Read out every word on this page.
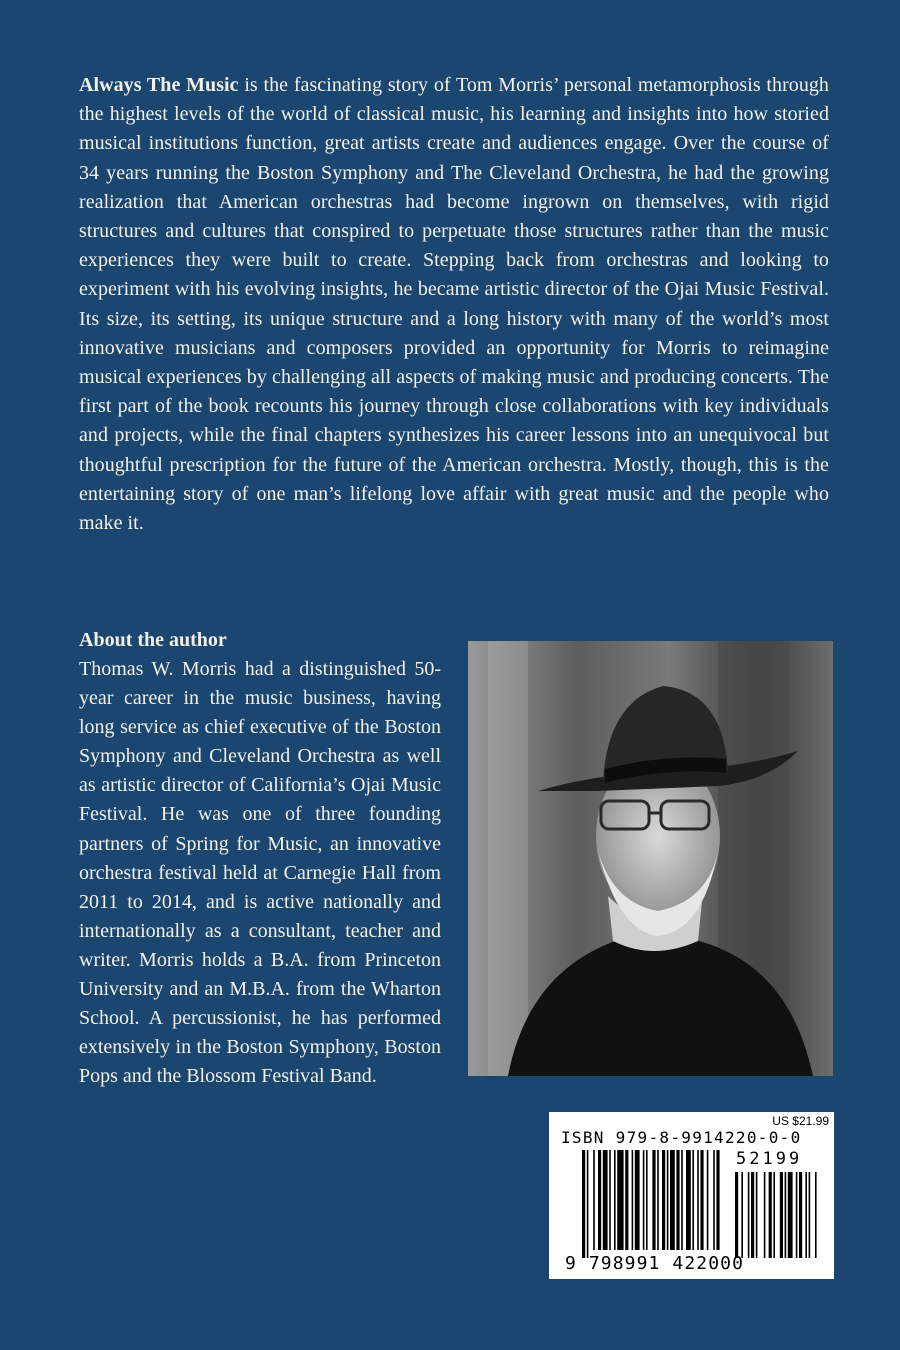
Always The Music is the fascinating story of Tom Morris’ personal metamorphosis through the highest levels of the world of classical music, his learning and insights into how storied musical institutions function, great artists create and audiences engage. Over the course of 34 years running the Boston Symphony and The Cleveland Orchestra, he had the growing realization that American orchestras had become ingrown on themselves, with rigid structures and cultures that conspired to perpetuate those structures rather than the music experiences they were built to create. Stepping back from orchestras and looking to experiment with his evolving insights, he became artistic director of the Ojai Music Festival. Its size, its setting, its unique structure and a long history with many of the world’s most innovative musicians and composers provided an opportunity for Morris to reimagine musical experiences by challenging all aspects of making music and producing concerts. The first part of the book recounts his journey through close collaborations with key individuals and projects, while the final chapters synthesizes his career lessons into an unequivocal but thoughtful prescription for the future of the American orchestra. Mostly, though, this is the entertaining story of one man’s lifelong love affair with great music and the people who make it.
About the author
Thomas W. Morris had a distinguished 50-year career in the music business, having long service as chief executive of the Boston Symphony and Cleveland Orchestra as well as artistic director of California’s Ojai Music Festival. He was one of three founding partners of Spring for Music, an innovative orchestra festival held at Carnegie Hall from 2011 to 2014, and is active nationally and internationally as a consultant, teacher and writer. Morris holds a B.A. from Princeton University and an M.B.A. from the Wharton School. A percussionist, he has performed extensively in the Boston Symphony, Boston Pops and the Blossom Festival Band.
US $21.99
ISBN 979-8-9914220-0-0
52199
9 798991 422000
